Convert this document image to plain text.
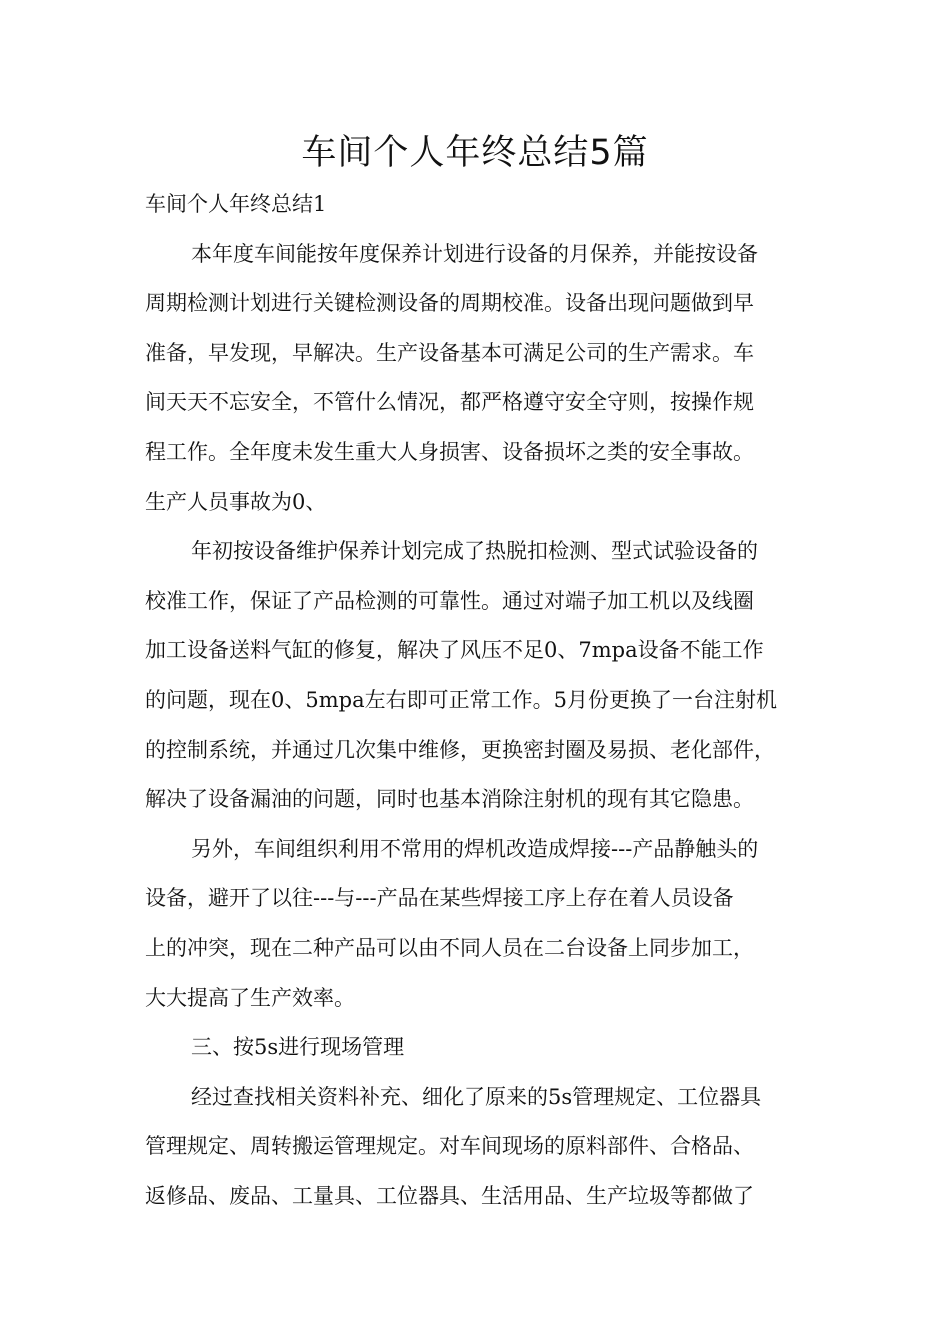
车间个人年终总结5篇

车间个人年终总结1

本年度车间能按年度保养计划进行设备的月保养，并能按设备

周期检测计划进行关键检测设备的周期校准。设备出现问题做到早

准备，早发现，早解决。生产设备基本可满足公司的生产需求。车

间天天不忘安全，不管什么情况，都严格遵守安全守则，按操作规

程工作。全年度未发生重大人身损害、设备损坏之类的安全事故。

生产人员事故为0、

年初按设备维护保养计划完成了热脱扣检测、型式试验设备的

校准工作，保证了产品检测的可靠性。通过对端子加工机以及线圈

加工设备送料气缸的修复，解决了风压不足0、7mpa设备不能工作

的问题，现在0、5mpa左右即可正常工作。5月份更换了一台注射机

的控制系统，并通过几次集中维修，更换密封圈及易损、老化部件，

解决了设备漏油的问题，同时也基本消除注射机的现有其它隐患。

另外，车间组织利用不常用的焊机改造成焊接---产品静触头的

设备，避开了以往---与---产品在某些焊接工序上存在着人员设备

上的冲突，现在二种产品可以由不同人员在二台设备上同步加工，

大大提高了生产效率。

三、按5s进行现场管理

经过查找相关资料补充、细化了原来的5s管理规定、工位器具

管理规定、周转搬运管理规定。对车间现场的原料部件、合格品、

返修品、废品、工量具、工位器具、生活用品、生产垃圾等都做了
